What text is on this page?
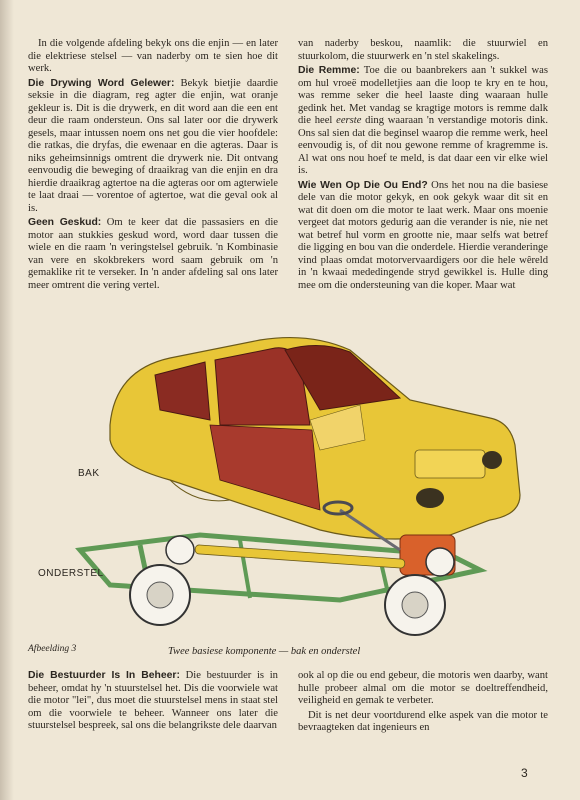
In die volgende afdeling bekyk ons die enjin — en later die elektriese stelsel — van naderby om te sien hoe dit werk.

Die Drywing Word Gelewer: Bekyk bietjie daardie seksie in die diagram, reg agter die enjin, wat oranje gekleur is. Dit is die drywerk, en dit word aan die een ent deur die raam ondersteun. Ons sal later oor die drywerk gesels, maar intussen noem ons net gou die vier hoofdele: die ratkas, die dryfas, die ewenaar en die agteras. Daar is niks geheimsinnigs omtrent die drywerk nie. Dit ontvang eenvoudig die beweging of draaikrag van die enjin en dra hierdie draaikrag agtertoe na die agteras oor om agterwiele te laat draai — vorentoe of agtertoe, wat die geval ook al is.

Geen Geskud: Om te keer dat die passasiers en die motor aan stukkies geskud word, word daar tussen die wiele en die raam 'n veringstelsel gebruik. 'n Kombinasie van vere en skokbrekers word saam gebruik om 'n gemaklike rit te verseker. In 'n ander afdeling sal ons later meer omtrent die vering vertel.

van naderby beskou, naamlik: die stuurwiel en stuurkolom, die stuurwerk en 'n stel skakelings.

Die Remme: Toe die ou baanbrekers aan 't sukkel was om hul vroeë modelletjies aan die loop te kry en te hou, was remme seker die heel laaste ding waaraan hulle gedink het. Met vandag se kragtige motors is remme dalk die heel eerste ding waaraan 'n verstandige motoris dink. Ons sal sien dat die beginsel waarop die remme werk, heel eenvoudig is, of dit nou gewone remme of kragremme is. Al wat ons nou hoef te meld, is dat daar een vir elke wiel is.

Wie Wen Op Die Ou End? Ons het nou na die basiese dele van die motor gekyk, en ook gekyk waar dit sit en wat dit doen om die motor te laat werk. Maar ons moenie vergeet dat motors gedurig aan die verander is nie, nie net wat betref hul vorm en grootte nie, maar selfs wat betref die ligging en bou van die onderdele. Hierdie veranderinge vind plaas omdat motorvervaardigers oor die hele wêreld in 'n kwaai mededingende stryd gewikkel is. Hulle ding mee om die ondersteuning van die koper. Maar wat

BAK
ONDERSTEL
Afbeelding 3	Twee basiese komponente — bak en onderstel

Die Bestuurder Is In Beheer: Die bestuurder is in beheer, omdat hy 'n stuurstelsel het. Dis die voorwiele wat die motor "lei", dus moet die stuurstelsel mens in staat stel om die voorwiele te beheer. Wanneer ons later die stuurstelsel bespreek, sal ons die belangrikste dele daarvan

ook al op die ou end gebeur, die motoris wen daarby, want hulle probeer almal om die motor se doeltreffendheid, veiligheid en gemak te verbeter.

Dit is net deur voortdurend elke aspek van die motor te bevraagteken dat ingenieurs en

3
